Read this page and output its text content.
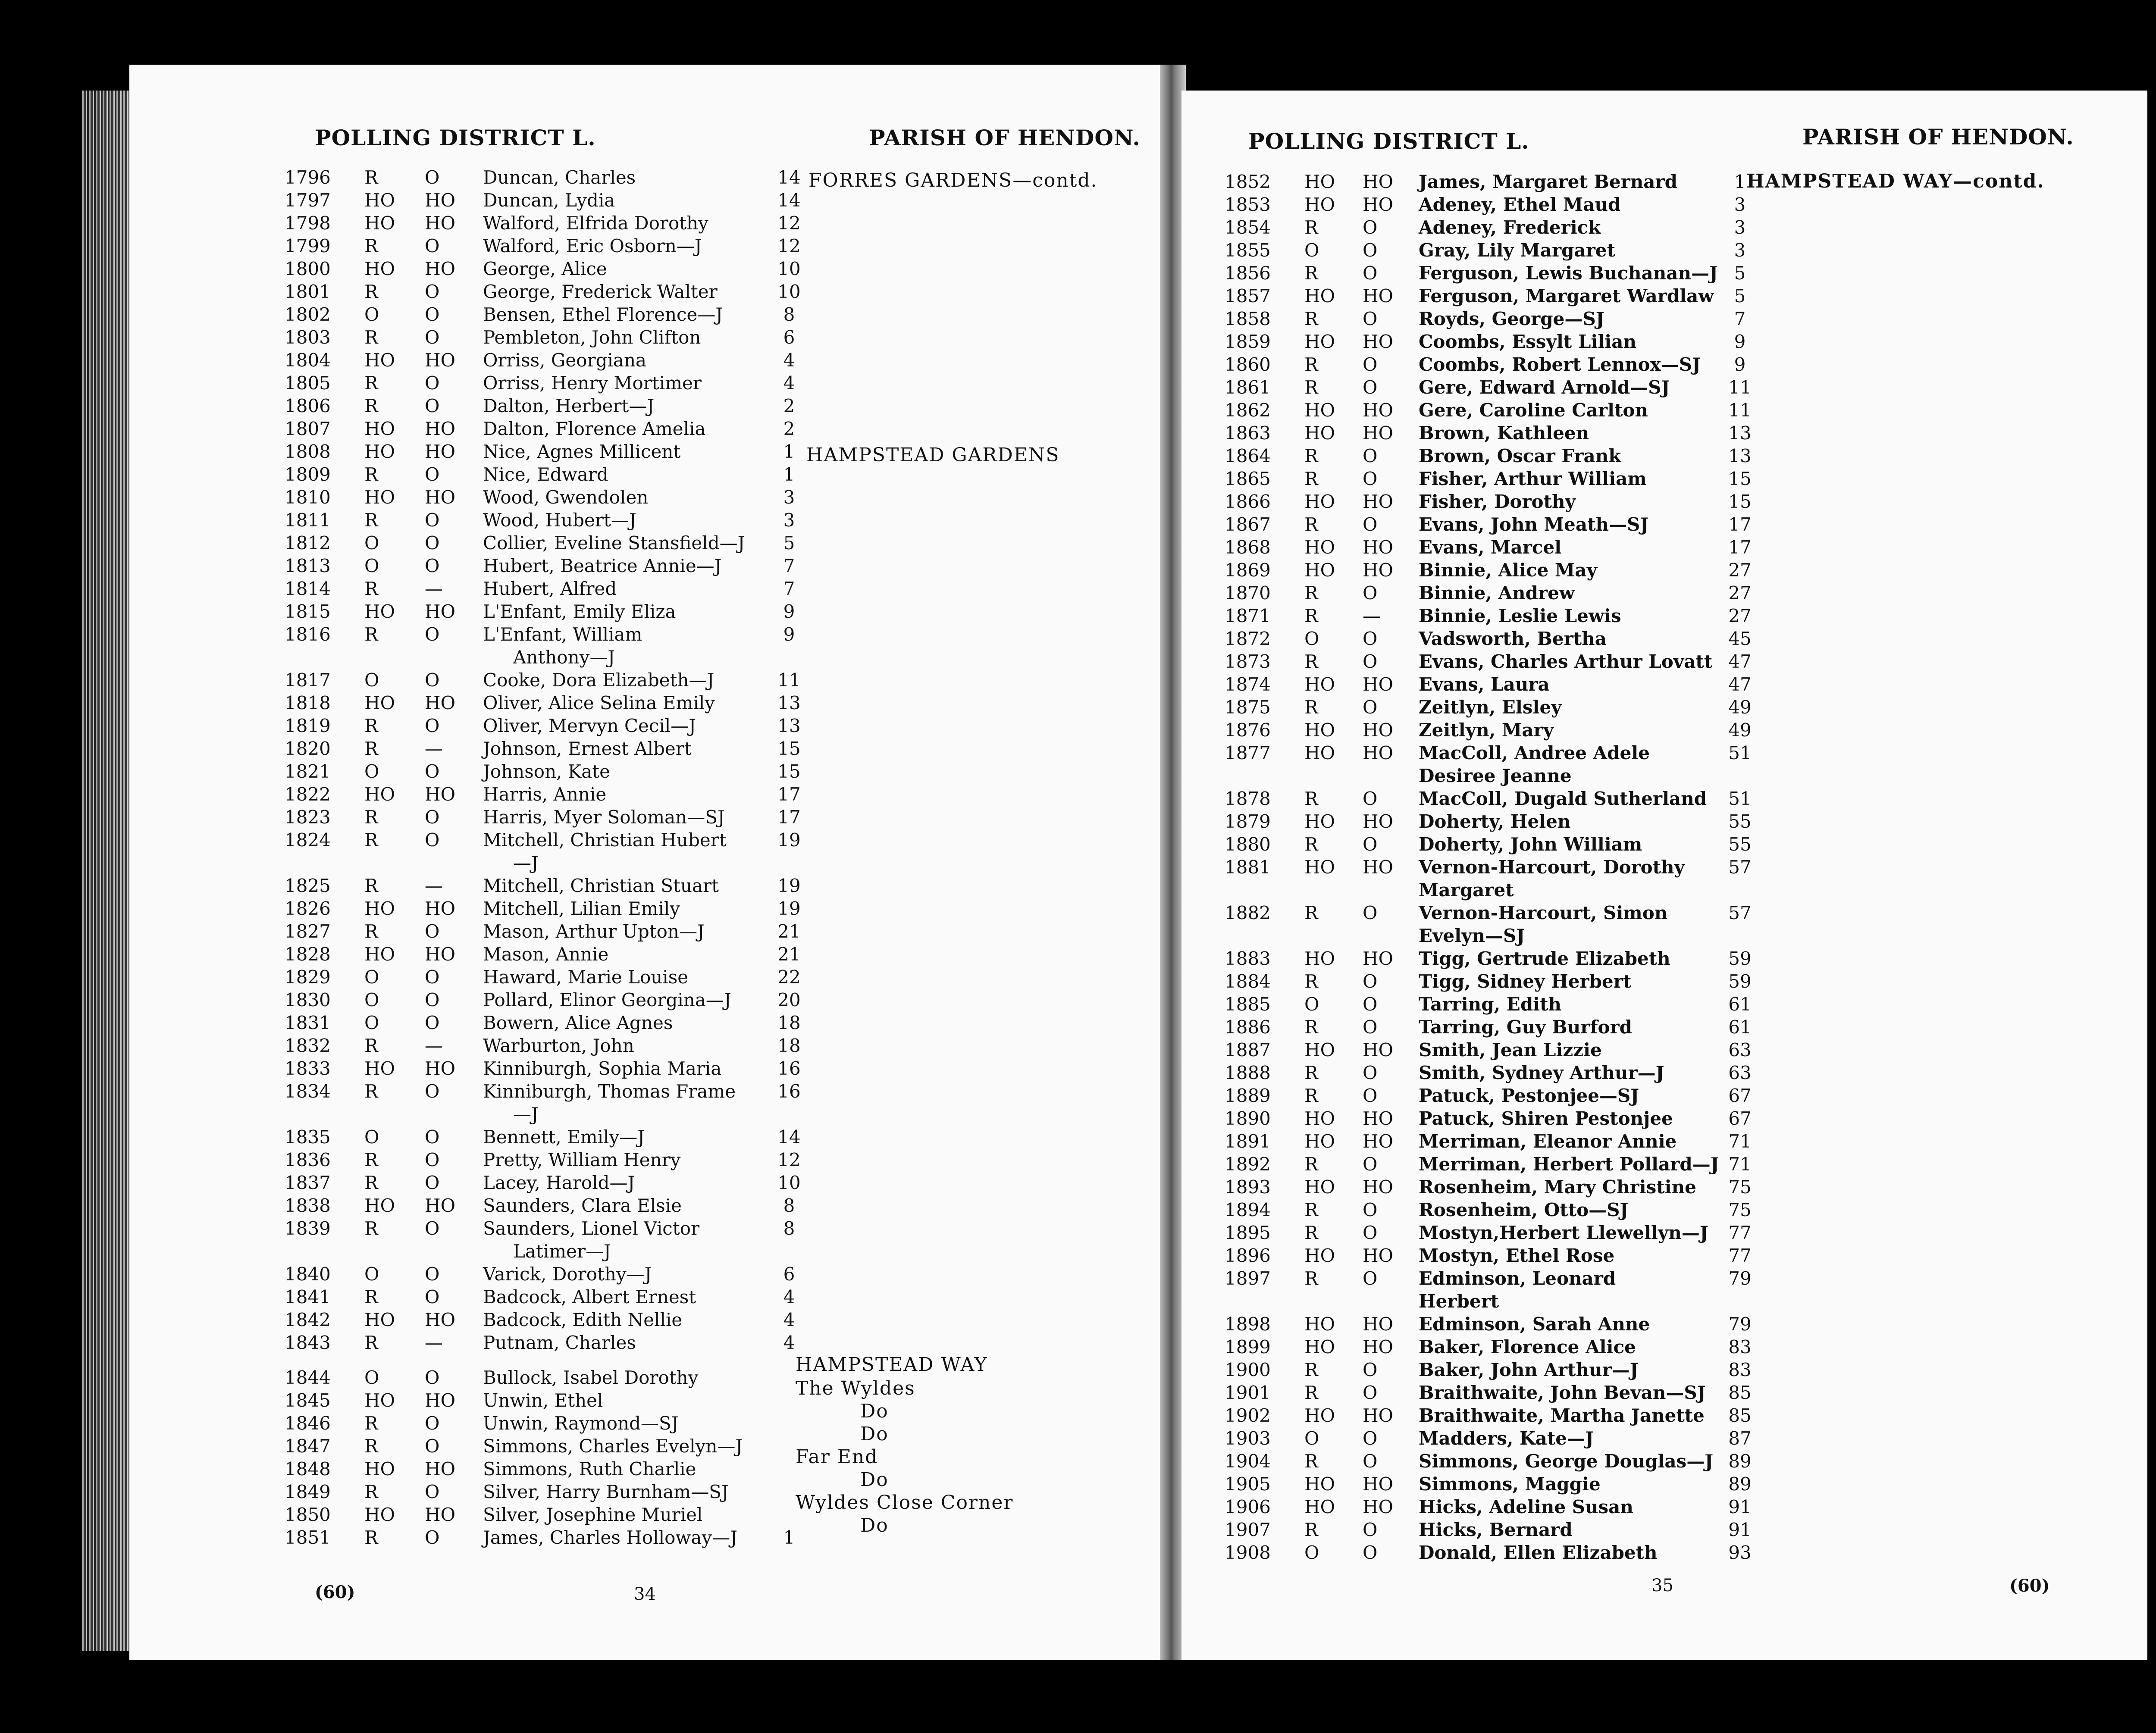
POLLING DISTRICT L.	PARISH OF HENDON.
FORRES GARDENS—contd.
HAMPSTEAD GARDENS
HAMPSTEAD WAY
The Wyldes
Do
Do
Far End
Do
Wyldes Close Corner
Do
1796	R	O	Duncan, Charles	14
1797	HO	HO	Duncan, Lydia	14
1798	HO	HO	Walford, Elfrida Dorothy	12
1799	R	O	Walford, Eric Osborn—J	12
1800	HO	HO	George, Alice	10
1801	R	O	George, Frederick Walter	10
1802	O	O	Bensen, Ethel Florence—J	8
1803	R	O	Pembleton, John Clifton	6
1804	HO	HO	Orriss, Georgiana	4
1805	R	O	Orriss, Henry Mortimer	4
1806	R	O	Dalton, Herbert—J	2
1807	HO	HO	Dalton, Florence Amelia	2
1808	HO	HO	Nice, Agnes Millicent	1
1809	R	O	Nice, Edward	1
1810	HO	HO	Wood, Gwendolen	3
1811	R	O	Wood, Hubert—J	3
1812	O	O	Collier, Eveline Stansfield—J	5
1813	O	O	Hubert, Beatrice Annie—J	7
1814	R	—	Hubert, Alfred	7
1815	HO	HO	L'Enfant, Emily Eliza	9
1816	R	O	L'Enfant, William	9
Anthony—J
1817	O	O	Cooke, Dora Elizabeth—J	11
1818	HO	HO	Oliver, Alice Selina Emily	13
1819	R	O	Oliver, Mervyn Cecil—J	13
1820	R	—	Johnson, Ernest Albert	15
1821	O	O	Johnson, Kate	15
1822	HO	HO	Harris, Annie	17
1823	R	O	Harris, Myer Soloman—SJ	17
1824	R	O	Mitchell, Christian Hubert	19
—J
1825	R	—	Mitchell, Christian Stuart	19
1826	HO	HO	Mitchell, Lilian Emily	19
1827	R	O	Mason, Arthur Upton—J	21
1828	HO	HO	Mason, Annie	21
1829	O	O	Haward, Marie Louise	22
1830	O	O	Pollard, Elinor Georgina—J	20
1831	O	O	Bowern, Alice Agnes	18
1832	R	—	Warburton, John	18
1833	HO	HO	Kinniburgh, Sophia Maria	16
1834	R	O	Kinniburgh, Thomas Frame 16
—J
1835	O	O	Bennett, Emily—J	14
1836	R	O	Pretty, William Henry	12
1837	R	O	Lacey, Harold—J	10
1838	HO	HO	Saunders, Clara Elsie	8
1839	R	O	Saunders, Lionel Victor	8
Latimer—J
1840	O	O	Varick, Dorothy—J	6
1841	R	O	Badcock, Albert Ernest	4
1842	HO	HO	Badcock, Edith Nellie	4
1843	R	—	Putnam, Charles	4
1844	O	O	Bullock, Isabel Dorothy
1845	HO	HO	Unwin, Ethel
1846	R	O	Unwin, Raymond—SJ
1847	R	O	Simmons, Charles Evelyn—J
1848	HO	HO	Simmons, Ruth Charlie
1849	R	O	Silver, Harry Burnham—SJ
1850	HO	HO	Silver, Josephine Muriel
1851	R	O	James, Charles Holloway—J	1
(60)	34
POLLING DISTRICT L.	PARISH OF HENDON.
HAMPSTEAD WAY—contd.
1852	HO	HO	James, Margaret Bernard	1
1853	HO	HO	Adeney, Ethel Maud	3
1854	R	O	Adeney, Frederick	3
1855	O	O	Gray, Lily Margaret	3
1856	R	O	Ferguson, Lewis Buchanan—J 5
1857	HO	HO	Ferguson, Margaret Wardlaw	5
1858	R	O	Royds, George—SJ	7
1859	HO	HO	Coombs, Essylt Lilian	9
1860	R	O	Coombs, Robert Lennox—SJ	9
1861	R	O	Gere, Edward Arnold—SJ	11
1862	HO	HO	Gere, Caroline Carlton	11
1863	HO	HO	Brown, Kathleen	13
1864	R	O	Brown, Oscar Frank	13
1865	R	O	Fisher, Arthur William	15
1866	HO	HO	Fisher, Dorothy	15
1867	R	O	Evans, John Meath—SJ	17
1868	HO	HO	Evans, Marcel	17
1869	HO	HO	Binnie, Alice May	27
1870	R	O	Binnie, Andrew	27
1871	R	—	Binnie, Leslie Lewis	27
1872	O	O	Vadsworth, Bertha	45
1873	R	O	Evans, Charles Arthur Lovatt 47
1874	HO	HO	Evans, Laura	47
1875	R	O	Zeitlyn, Elsley	49
1876	HO	HO	Zeitlyn, Mary	49
1877	HO	HO	MacColl, Andree Adele	51
Desiree Jeanne
1878	R	O	MacColl, Dugald Sutherland 51
1879	HO	HO	Doherty, Helen	55
1880	R	O	Doherty, John William	55
1881	HO	HO	Vernon-Harcourt, Dorothy 57
Margaret
1882	R	O	Vernon-Harcourt, Simon	57
Evelyn—SJ
1883	HO	HO	Tigg, Gertrude Elizabeth	59
1884	R	O	Tigg, Sidney Herbert	59
1885	O	O	Tarring, Edith	61
1886	R	O	Tarring, Guy Burford	61
1887	HO	HO	Smith, Jean Lizzie	63
1888	R	O	Smith, Sydney Arthur—J	63
1889	R	O	Patuck, Pestonjee—SJ	67
1890	HO	HO	Patuck, Shiren Pestonjee	67
1891	HO	HO	Merriman, Eleanor Annie	71
1892	R	O	Merriman, Herbert Pollard—J 71
1893	HO	HO	Rosenheim, Mary Christine 75
1894	R	O	Rosenheim, Otto—SJ	75
1895	R	O	Mostyn,Herbert Llewellyn—J 77
1896	HO	HO	Mostyn, Ethel Rose	77
1897	R	O	Edminson, Leonard	79
Herbert
1898	HO	HO	Edminson, Sarah Anne	79
1899	HO	HO	Baker, Florence Alice	83
1900	R	O	Baker, John Arthur—J	83
1901	R	O	Braithwaite, John Bevan—SJ 85
1902	HO	HO	Braithwaite, Martha Janette 85
1903	O	O	Madders, Kate—J	87
1904	R	O	Simmons, George Douglas—J 89
1905	HO	HO	Simmons, Maggie	89
1906	HO	HO	Hicks, Adeline Susan	91
1907	R	O	Hicks, Bernard	91
1908	O	O	Donald, Ellen Elizabeth	93
35	(60)
